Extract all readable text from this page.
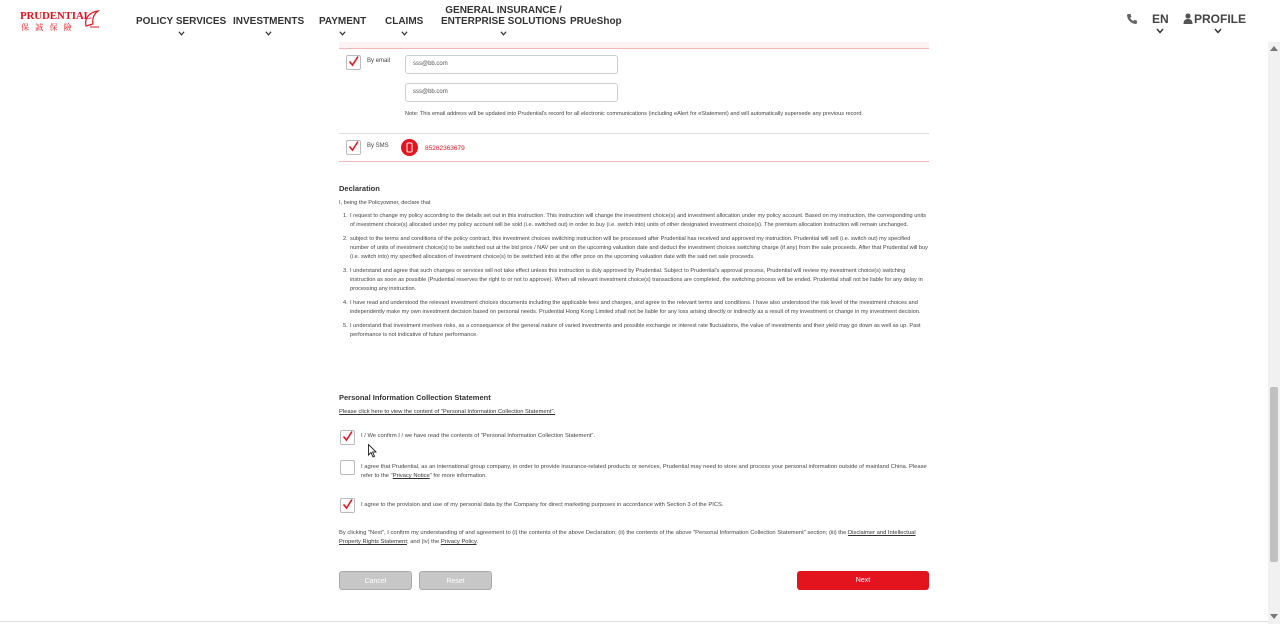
PRUDENTIAL
保 誠 保 險
POLICY SERVICES INVESTMENTS PAYMENT CLAIMS
GENERAL INSURANCE /
ENTERPRISE SOLUTIONS PRUeShop	EN	PROFILE
By email	sss@bb.com
sss@bb.com
Note: This email address will be updated into Prudential's record for all electronic communications (including eAlert for eStatement) and will automatically supersede any previous record.
By SMS	85262363679
Declaration
I, being the Policyowner, declare that
1. I request to change my policy according to the details set out in this instruction. This instruction will change the investment choice(s) and investment allocation under my policy account. Based on my instruction, the corresponding units of investment choice(s) allocated under my policy account will be sold (i.e. switched out) in order to buy (i.e. switch into) units of other designated investment choice(s). The premium allocation instruction will remain unchanged.
2. subject to the terms and conditions of the policy contract, this investment choices switching instruction will be processed after Prudential has received and approved my instruction. Prudential will sell (i.e. switch out) my specified number of units of investment choice(s) to be switched out at the bid price / NAV per unit on the upcoming valuation date and deduct the investment choices switching charge (if any) from the sale proceeds. After that Prudential will buy (i.e. switch into) my specified allocation of investment choice(s) to be switched into at the offer price on the upcoming valuation date with the said net sale proceeds.
3. I understand and agree that such changes or services will not take effect unless this instruction is duly approved by Prudential. Subject to Prudential's approval process, Prudential will review my investment choice(s) switching instruction as soon as possible (Prudential reserves the right to or not to approve). When all relevant investment choice(s) transactions are completed, the switching process will be ended. Prudential shall not be liable for any delay in processing any instruction.
4. I have read and understood the relevant investment choices documents including the applicable fees and charges, and agree to the relevant terms and conditions. I have also understood the risk level of the investment choices and independently make my own investment decision based on personal needs. Prudential Hong Kong Limited shall not be liable for any loss arising directly or indirectly as a result of my investment or change in my investment decision.
5. I understand that investment involves risks, as a consequence of the general nature of varied investments and possible exchange or interest rate fluctuations, the value of investments and their yield may go down as well as up. Past performance is not indicative of future performance.
Personal Information Collection Statement
Please click here to view the content of "Personal Information Collection Statement".
I / We confirm I / we have read the contents of "Personal Information Collection Statement".
I agree that Prudential, as an international group company, in order to provide insurance-related products or services, Prudential may need to store and process your personal information outside of mainland China. Please refer to the "Privacy Notice" for more information.
I agree to the provision and use of my personal data by the Company for direct marketing purposes in accordance with Section 3 of the PICS.
By clicking "Next", I confirm my understanding of and agreement to (i) the contents of the above Declaration; (ii) the contents of the above "Personal Information Collection Statement" section; (iii) the Disclaimer and Intellectual Property Rights Statement; and (iv) the Privacy Policy.
Cancel	Reset	Next
